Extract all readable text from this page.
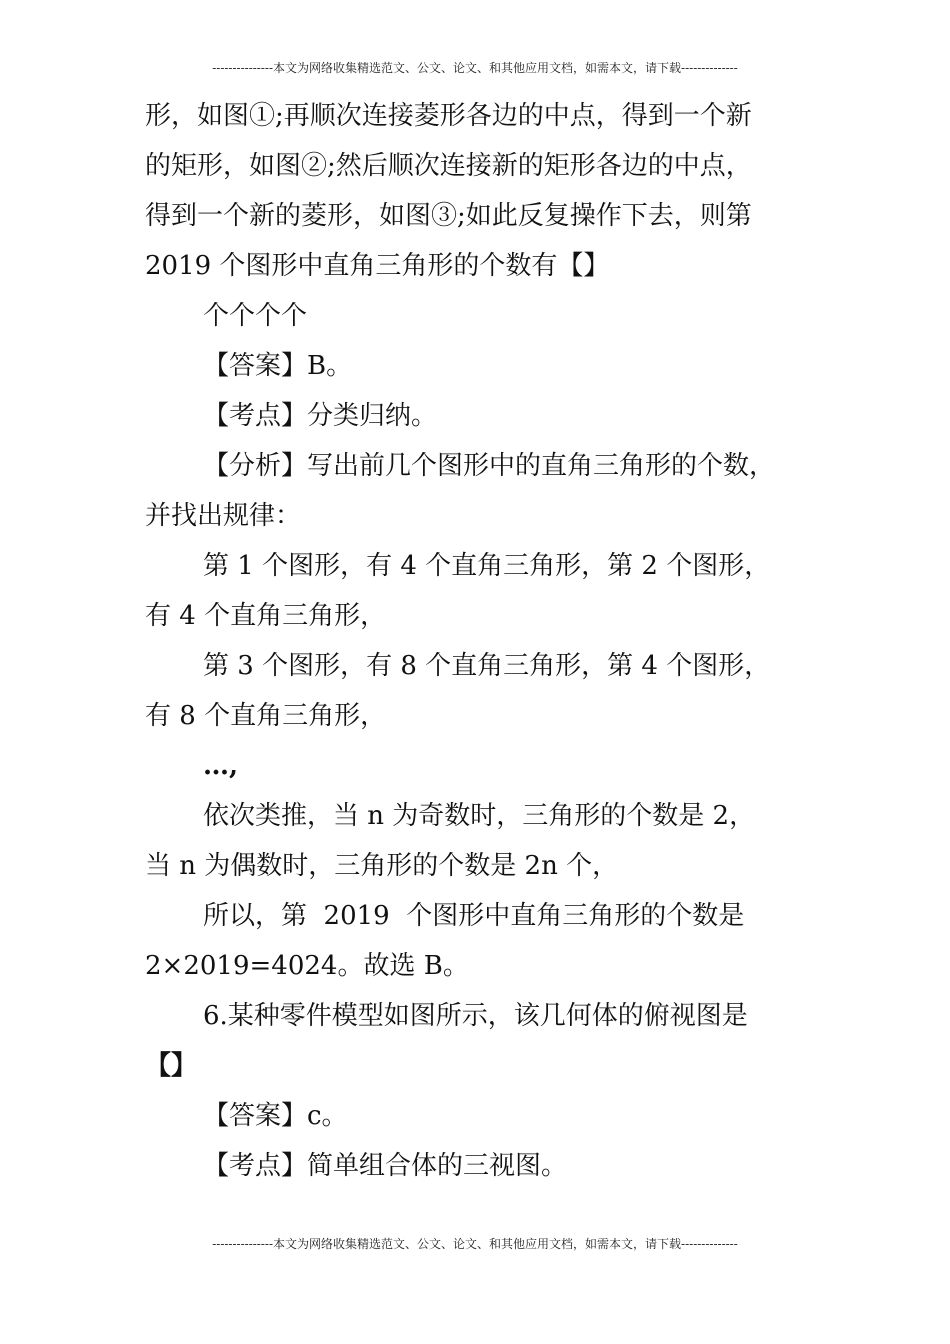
---------------本文为网络收集精选范文、公文、论文、和其他应用文档，如需本文，请下载--------------
形，如图①;再顺次连接菱形各边的中点，得到一个新
的矩形，如图②;然后顺次连接新的矩形各边的中点，
得到一个新的菱形，如图③;如此反复操作下去，则第
2019 个图形中直角三角形的个数有【】
个个个个
【答案】B。
【考点】分类归纳。
【分析】写出前几个图形中的直角三角形的个数，
并找出规律：
第 1 个图形，有 4 个直角三角形，第 2 个图形，
有 4 个直角三角形，
第 3 个图形，有 8 个直角三角形，第 4 个图形，
有 8 个直角三角形，
…,
依次类推，当 n 为奇数时，三角形的个数是 2，
当 n 为偶数时，三角形的个数是 2n 个，
所以，第  2019  个图形中直角三角形的个数是
2×2019=4024。故选 B。
6.某种零件模型如图所示，该几何体的俯视图是
【】
【答案】c。
【考点】简单组合体的三视图。
---------------本文为网络收集精选范文、公文、论文、和其他应用文档，如需本文，请下载--------------
